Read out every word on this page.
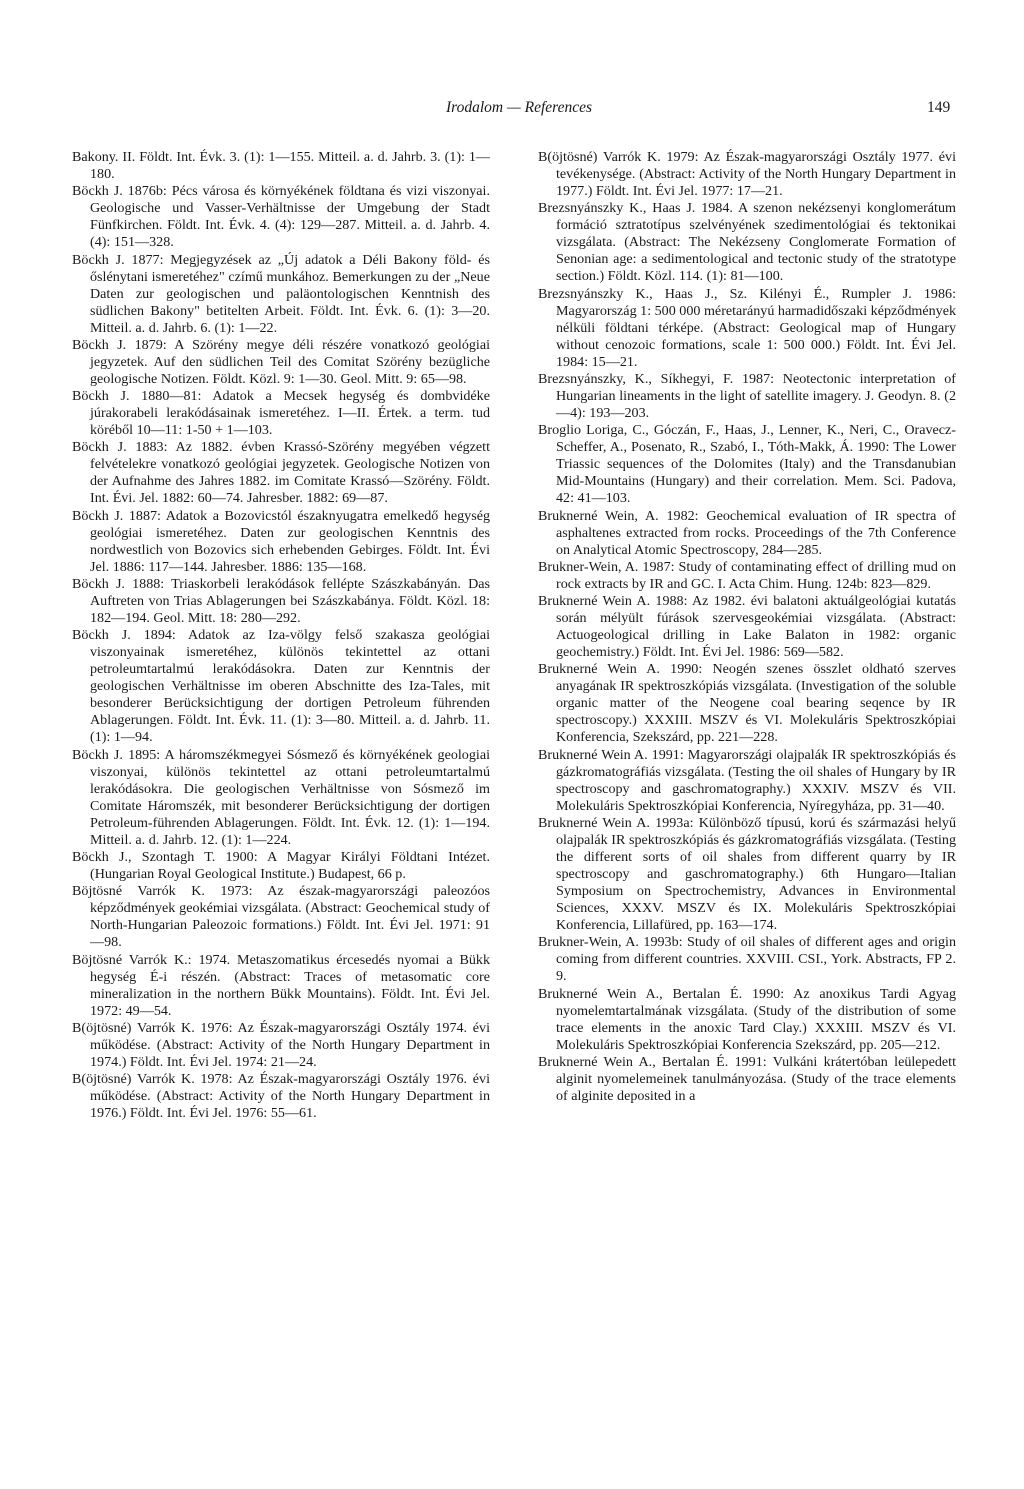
Irodalom — References	149

Bakony. II. Földt. Int. Évk. 3. (1): 1—155. Mitteil. a. d. Jahrb. 3. (1): 1—180.

Böckh J. 1876b: Pécs városa és környékének földtana és vizi viszonyai. Geologische und Vasser-Verhältnisse der Umgebung der Stadt Fünfkirchen. Földt. Int. Évk. 4. (4): 129—287. Mitteil. a. d. Jahrb. 4. (4): 151—328.

Böckh J. 1877: Megjegyzések az „Új adatok a Déli Bakony föld- és őslénytani ismeretéhez" czímű munkához. Bemerkungen zu der „Neue Daten zur geologischen und paläontologischen Kenntnish des südlichen Bakony" betitelten Arbeit. Földt. Int. Évk. 6. (1): 3—20. Mitteil. a. d. Jahrb. 6. (1): 1—22.

Böckh J. 1879: A Szörény megye déli részére vonatkozó geológiai jegyzetek. Auf den südlichen Teil des Comitat Szörény bezügliche geologische Notizen. Földt. Közl. 9: 1—30. Geol. Mitt. 9: 65—98.

Böckh J. 1880—81: Adatok a Mecsek hegység és dombvidéke júrakorabeli lerakódásainak ismeretéhez. I—II. Értek. a term. tud köréből 10—11: 1-50 + 1—103.

Böckh J. 1883: Az 1882. évben Krassó-Szörény megyében végzett felvételekre vonatkozó geológiai jegyzetek. Geologische Notizen von der Aufnahme des Jahres 1882. im Comitate Krassó—Szörény. Földt. Int. Évi. Jel. 1882: 60—74. Jahresber. 1882: 69—87.

Böckh J. 1887: Adatok a Bozovicstól északnyugatra emelkedő hegység geológiai ismeretéhez. Daten zur geologischen Kenntnis des nordwestlich von Bozovics sich erhebenden Gebirges. Földt. Int. Évi Jel. 1886: 117—144. Jahresber. 1886: 135—168.

Böckh J. 1888: Triaskorbeli lerakódások fellépte Szászkabányán. Das Auftreten von Trias Ablagerungen bei Szászkabánya. Földt. Közl. 18: 182—194. Geol. Mitt. 18: 280—292.

Böckh J. 1894: Adatok az Iza-völgy felső szakasza geológiai viszonyainak ismeretéhez, különös tekintettel az ottani petroleumtartalmú lerakódásokra. Daten zur Kenntnis der geologischen Verhältnisse im oberen Abschnitte des Iza-Tales, mit besonderer Berücksichtigung der dortigen Petroleum führenden Ablagerungen. Földt. Int. Évk. 11. (1): 3—80. Mitteil. a. d. Jahrb. 11. (1): 1—94.

Böckh J. 1895: A háromszékmegyei Sósmező és környékének geologiai viszonyai, különös tekintettel az ottani petroleumtartalmú lerakódásokra. Die geologischen Verhältnisse von Sósmező im Comitate Háromszék, mit besonderer Berücksichtigung der dortigen Petroleum-führenden Ablagerungen. Földt. Int. Évk. 12. (1): 1—194. Mitteil. a. d. Jahrb. 12. (1): 1—224.

Böckh J., Szontagh T. 1900: A Magyar Királyi Földtani Intézet. (Hungarian Royal Geological Institute.) Budapest, 66 p.

Böjtösné Varrók K. 1973: Az észak-magyarországi paleozóos képződmények geokémiai vizsgálata. (Abstract: Geochemical study of North-Hungarian Paleozoic formations.) Földt. Int. Évi Jel. 1971: 91—98.

Böjtösné Varrók K.: 1974. Metaszomatikus ércesedés nyomai a Bükk hegység É-i részén. (Abstract: Traces of metasomatic core mineralization in the northern Bükk Mountains). Földt. Int. Évi Jel. 1972: 49—54.

B(öjtösné) Varrók K. 1976: Az Észak-magyarországi Osztály 1974. évi működése. (Abstract: Activity of the North Hungary Department in 1974.) Földt. Int. Évi Jel. 1974: 21—24.

B(öjtösné) Varrók K. 1978: Az Észak-magyarországi Osztály 1976. évi működése. (Abstract: Activity of the North Hungary Department in 1976.) Földt. Int. Évi Jel. 1976: 55—61.

B(öjtösné) Varrók K. 1979: Az Észak-magyarországi Osztály 1977. évi tevékenysége. (Abstract: Activity of the North Hungary Department in 1977.) Földt. Int. Évi Jel. 1977: 17—21.

Brezsnyánszky K., Haas J. 1984. A szenon nekézsenyi konglomerátum formáció sztratotípus szelvényének szedimentológiai és tektonikai vizsgálata. (Abstract: The Nekézseny Conglomerate Formation of Senonian age: a sedimentological and tectonic study of the stratotype section.) Földt. Közl. 114. (1): 81—100.

Brezsnyánszky K., Haas J., Sz. Kilényi É., Rumpler J. 1986: Magyarország 1: 500 000 méretarányú harmadidőszaki képződmények nélküli földtani térképe. (Abstract: Geological map of Hungary without cenozoic formations, scale 1: 500 000.) Földt. Int. Évi Jel. 1984: 15—21.

Brezsnyánszky, K., Síkhegyi, F. 1987: Neotectonic interpretation of Hungarian lineaments in the light of satellite imagery. J. Geodyn. 8. (2—4): 193—203.

Broglio Loriga, C., Góczán, F., Haas, J., Lenner, K., Neri, C., Oravecz-Scheffer, A., Posenato, R., Szabó, I., Tóth-Makk, Á. 1990: The Lower Triassic sequences of the Dolomites (Italy) and the Transdanubian Mid-Mountains (Hungary) and their correlation. Mem. Sci. Padova, 42: 41—103.

Bruknerné Wein, A. 1982: Geochemical evaluation of IR spectra of asphaltenes extracted from rocks. Proceedings of the 7th Conference on Analytical Atomic Spectroscopy, 284—285.

Brukner-Wein, A. 1987: Study of contaminating effect of drilling mud on rock extracts by IR and GC. I. Acta Chim. Hung. 124b: 823—829.

Bruknerné Wein A. 1988: Az 1982. évi balatoni aktuálgeológiai kutatás során mélyült fúrások szervesgeokémiai vizsgálata. (Abstract: Actuogeological drilling in Lake Balaton in 1982: organic geochemistry.) Földt. Int. Évi Jel. 1986: 569—582.

Bruknerné Wein A. 1990: Neogén szenes összlet oldható szerves anyagának IR spektroszkópiás vizsgálata. (Investigation of the soluble organic matter of the Neogene coal bearing seqence by IR spectroscopy.) XXXIII. MSZV és VI. Molekuláris Spektroszkópiai Konferencia, Szekszárd, pp. 221—228.

Bruknerné Wein A. 1991: Magyarországi olajpalák IR spektroszkópiás és gázkromatográfiás vizsgálata. (Testing the oil shales of Hungary by IR spectroscopy and gaschromatography.) XXXIV. MSZV és VII. Molekuláris Spektroszkópiai Konferencia, Nyíregyháza, pp. 31—40.

Bruknerné Wein A. 1993a: Különböző típusú, korú és származási helyű olajpalák IR spektroszkópiás és gázkromatográfiás vizsgálata. (Testing the different sorts of oil shales from different quarry by IR spectroscopy and gaschromatography.) 6th Hungaro—Italian Symposium on Spectrochemistry, Advances in Environmental Sciences, XXXV. MSZV és IX. Molekuláris Spektroszkópiai Konferencia, Lillafüred, pp. 163—174.

Brukner-Wein, A. 1993b: Study of oil shales of different ages and origin coming from different countries. XXVIII. CSI., York. Abstracts, FP 2. 9.

Bruknerné Wein A., Bertalan É. 1990: Az anoxikus Tardi Agyag nyomelemtartalmának vizsgálata. (Study of the distribution of some trace elements in the anoxic Tard Clay.) XXXIII. MSZV és VI. Molekuláris Spektroszkópiai Konferencia Szekszárd, pp. 205—212.

Bruknerné Wein A., Bertalan É. 1991: Vulkáni krátertóban leülepedett alginit nyomelemeinek tanulmányozása. (Study of the trace elements of alginite deposited in a
